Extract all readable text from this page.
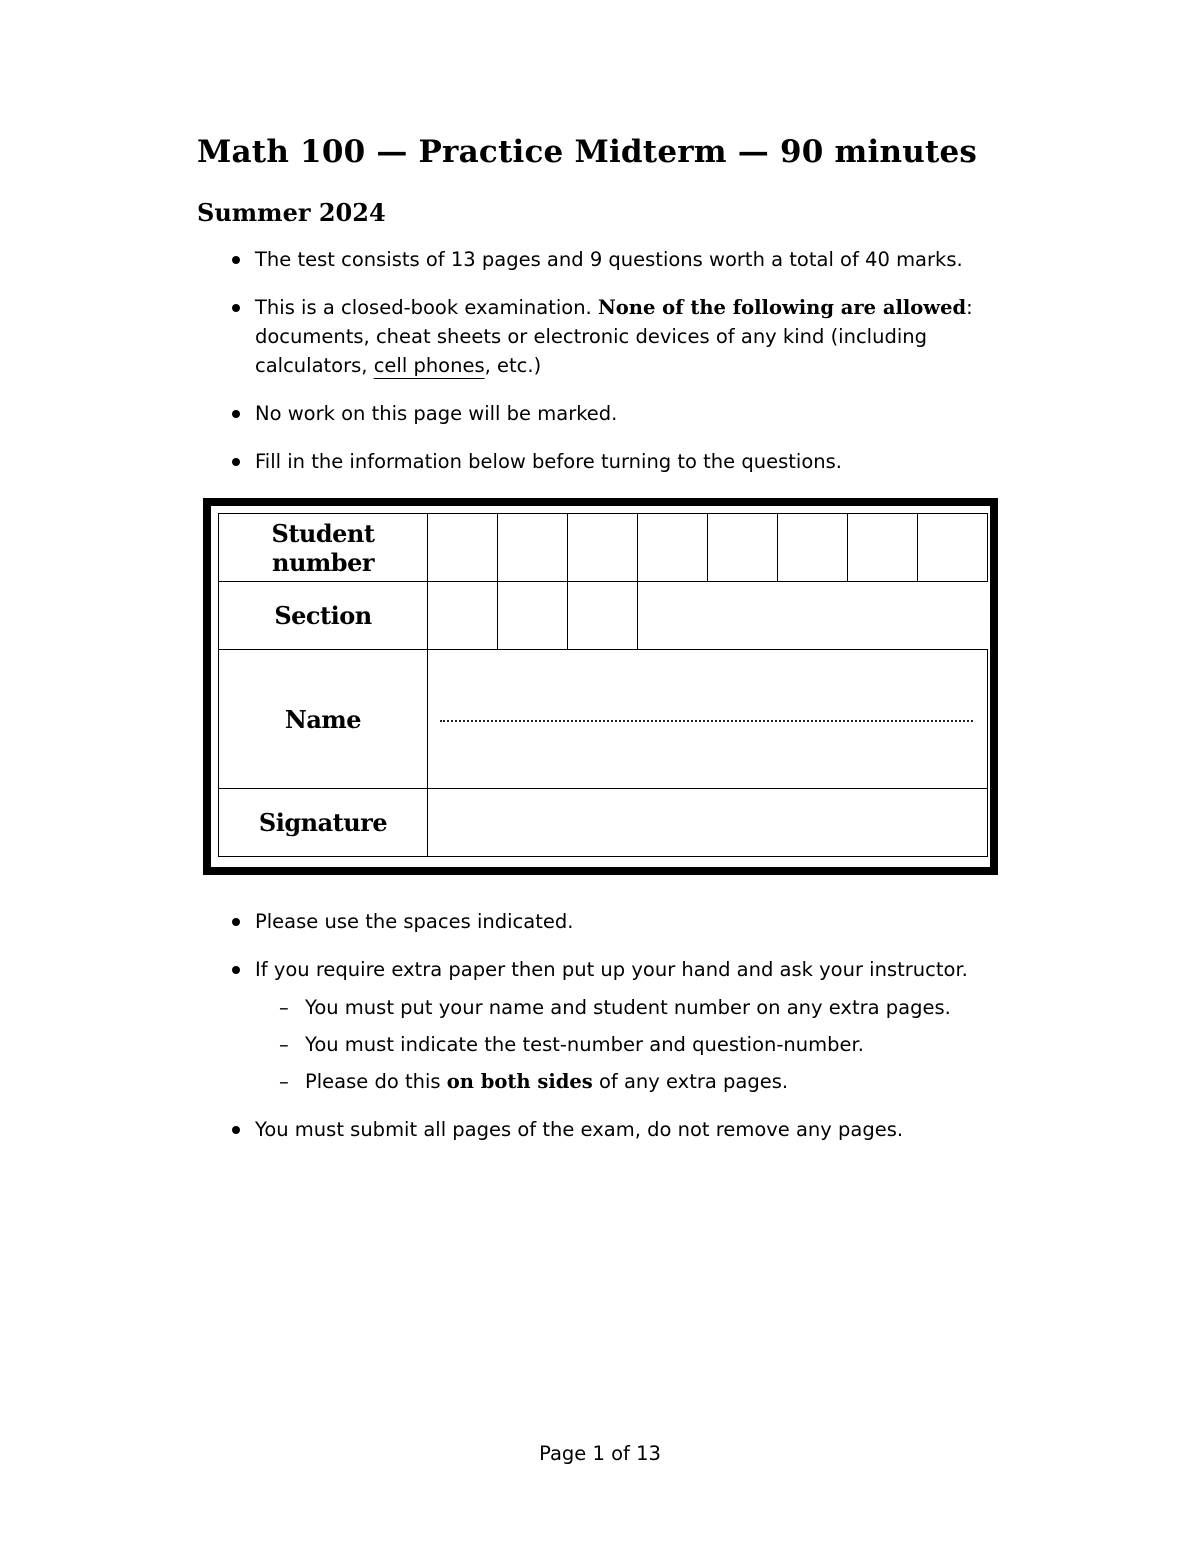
Math 100 — Practice Midterm — 90 minutes
Summer 2024
The test consists of 13 pages and 9 questions worth a total of 40 marks.
This is a closed-book examination. None of the following are allowed: documents, cheat sheets or electronic devices of any kind (including calculators, cell phones, etc.)
No work on this page will be marked.
Fill in the information below before turning to the questions.
Student number								
Section								
Name								

Signature								
Please use the spaces indicated.
If you require extra paper then put up your hand and ask your instructor.
– You must put your name and student number on any extra pages.
– You must indicate the test-number and question-number.
– Please do this on both sides of any extra pages.
You must submit all pages of the exam, do not remove any pages.
Page 1 of 13
